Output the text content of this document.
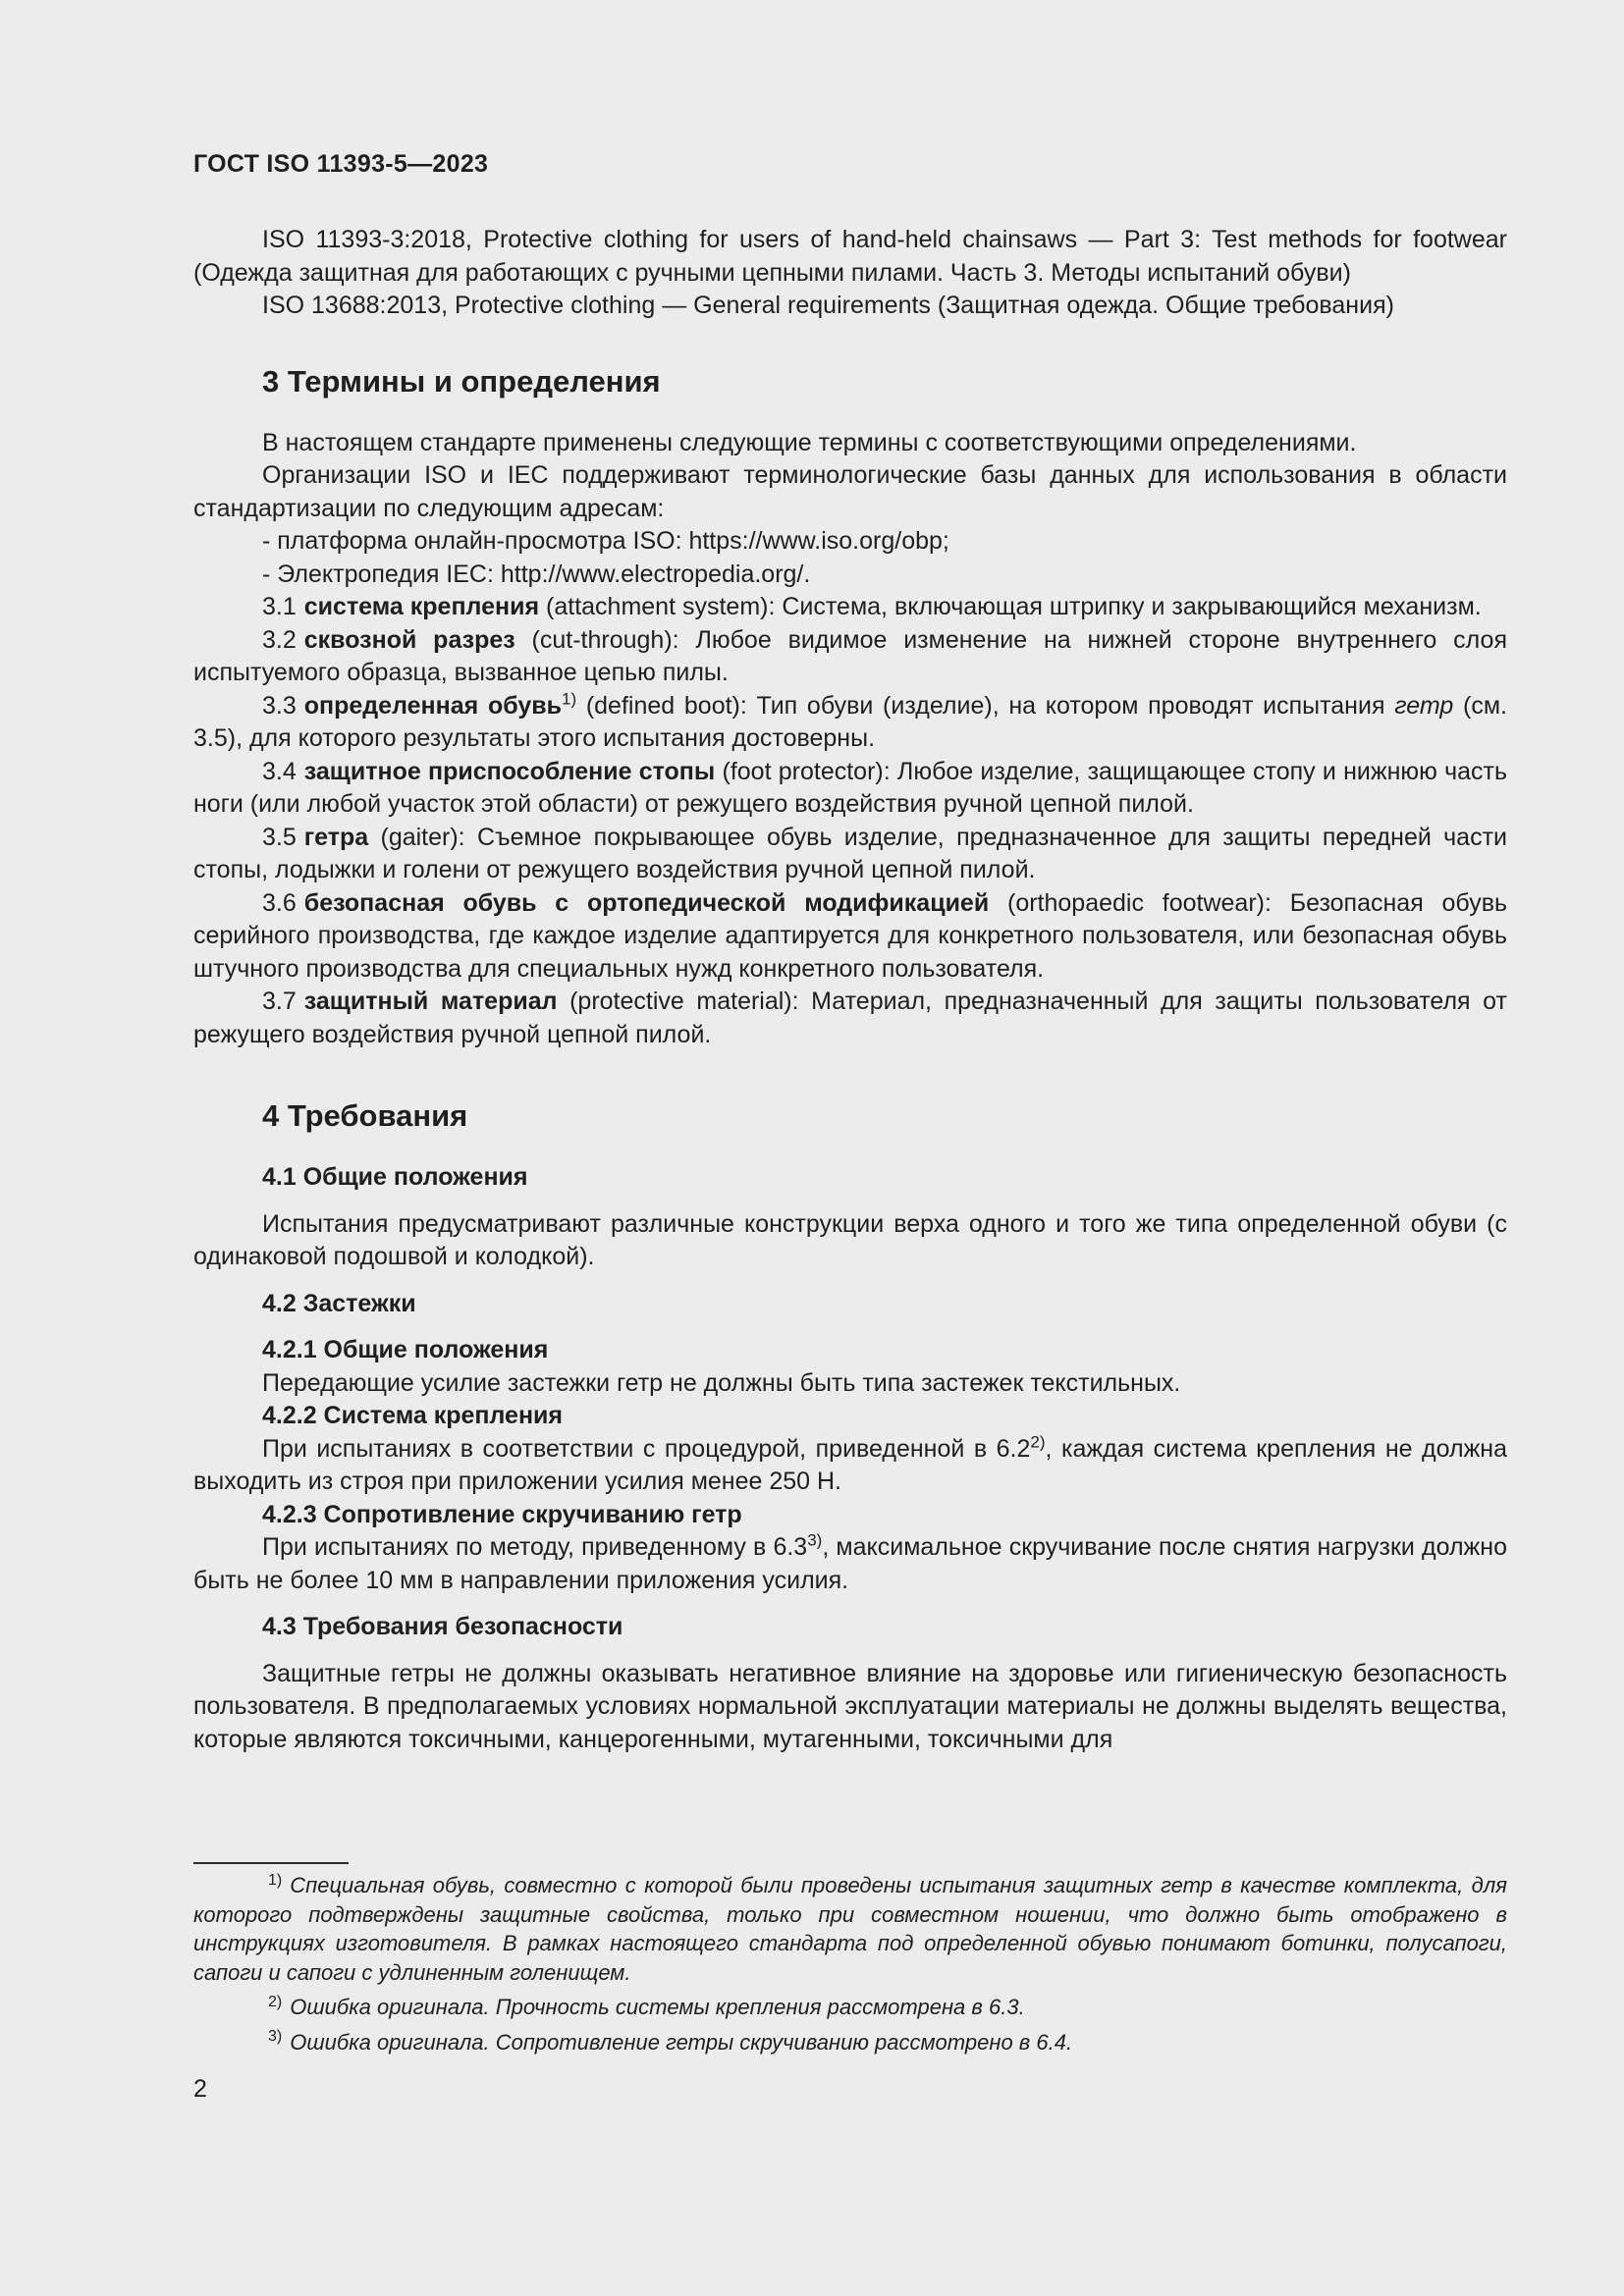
ГОСТ ISO 11393-5—2023

ISO 11393-3:2018, Protective clothing for users of hand-held chainsaws — Part 3: Test methods for footwear (Одежда защитная для работающих с ручными цепными пилами. Часть 3. Методы испытаний обуви)

ISO 13688:2013, Protective clothing — General requirements (Защитная одежда. Общие требования)

3 Термины и определения

В настоящем стандарте применены следующие термины с соответствующими определениями.

Организации ISO и IEC поддерживают терминологические базы данных для использования в области стандартизации по следующим адресам:

- платформа онлайн-просмотра ISO: https://www.iso.org/obp;

- Электропедия IEC: http://www.electropedia.org/.

3.1 система крепления (attachment system): Система, включающая штрипку и закрывающийся механизм.

3.2 сквозной разрез (cut-through): Любое видимое изменение на нижней стороне внутреннего слоя испытуемого образца, вызванное цепью пилы.

3.3 определенная обувь$^{1)}$ (defined boot): Тип обуви (изделие), на котором проводят испытания гетр (см. 3.5), для которого результаты этого испытания достоверны.

3.4 защитное приспособление стопы (foot protector): Любое изделие, защищающее стопу и нижнюю часть ноги (или любой участок этой области) от режущего воздействия ручной цепной пилой.

3.5 гетра (gaiter): Съемное покрывающее обувь изделие, предназначенное для защиты передней части стопы, лодыжки и голени от режущего воздействия ручной цепной пилой.

3.6 безопасная обувь с ортопедической модификацией (orthopaedic footwear): Безопасная обувь серийного производства, где каждое изделие адаптируется для конкретного пользователя, или безопасная обувь штучного производства для специальных нужд конкретного пользователя.

3.7 защитный материал (protective material): Материал, предназначенный для защиты пользователя от режущего воздействия ручной цепной пилой.

4 Требования
4.1 Общие положения

Испытания предусматривают различные конструкции верха одного и того же типа определенной обуви (с одинаковой подошвой и колодкой).

4.2 Застежки
4.2.1 Общие положения

Передающие усилие застежки гетр не должны быть типа застежек текстильных.

4.2.2 Система крепления

При испытаниях в соответствии с процедурой, приведенной в 6.2$^{2)}$, каждая система крепления не должна выходить из строя при приложении усилия менее 250 Н.

4.2.3 Сопротивление скручиванию гетр

При испытаниях по методу, приведенному в 6.3$^{3)}$, максимальное скручивание после снятия нагрузки должно быть не более 10 мм в направлении приложения усилия.

4.3 Требования безопасности

Защитные гетры не должны оказывать негативное влияние на здоровье или гигиеническую безопасность пользователя. В предполагаемых условиях нормальной эксплуатации материалы не должны выделять вещества, которые являются токсичными, канцерогенными, мутагенными, токсичными для

$^{1)}$ Специальная обувь, совместно с которой были проведены испытания защитных гетр в качестве комплекта, для которого подтверждены защитные свойства, только при совместном ношении, что должно быть отображено в инструкциях изготовителя. В рамках настоящего стандарта под определенной обувью понимают ботинки, полусапоги, сапоги и сапоги с удлиненным голенищем.

$^{2)}$ Ошибка оригинала. Прочность системы крепления рассмотрена в 6.3.

$^{3)}$ Ошибка оригинала. Сопротивление гетры скручиванию рассмотрено в 6.4.

2
